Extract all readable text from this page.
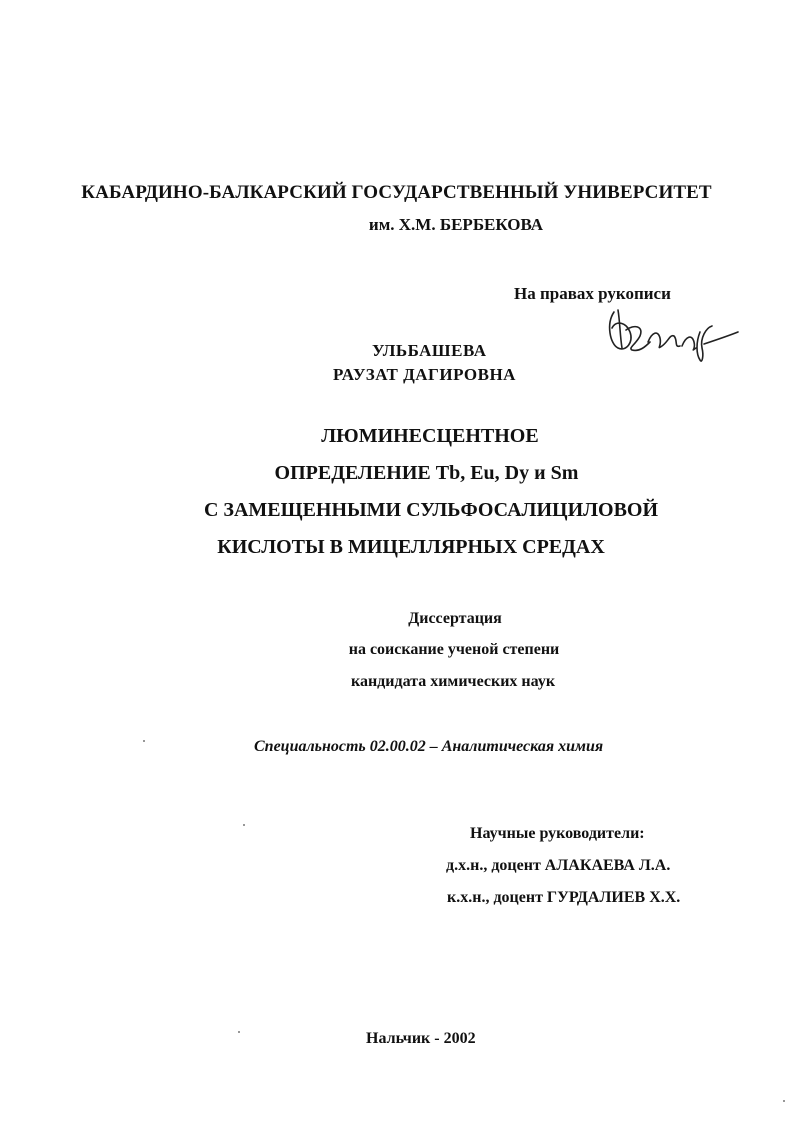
КАБАРДИНО-БАЛКАРСКИЙ ГОСУДАРСТВЕННЫЙ УНИВЕРСИТЕТ
им. Х.М. БЕРБЕКОВА
На правах рукописи
УЛЬБАШЕВА
РАУЗАТ ДАГИРОВНА
ЛЮМИНЕСЦЕНТНОЕ
ОПРЕДЕЛЕНИЕ Tb, Eu, Dy и Sm
С ЗАМЕЩЕННЫМИ СУЛЬФОСАЛИЦИЛОВОЙ
КИСЛОТЫ В МИЦЕЛЛЯРНЫХ СРЕДАХ
Диссертация
на соискание ученой степени
кандидата химических наук
Специальность 02.00.02 – Аналитическая химия
Научные руководители:
д.х.н., доцент АЛАКАЕВА Л.А.
к.х.н., доцент ГУРДАЛИЕВ Х.Х.
Нальчик - 2002
